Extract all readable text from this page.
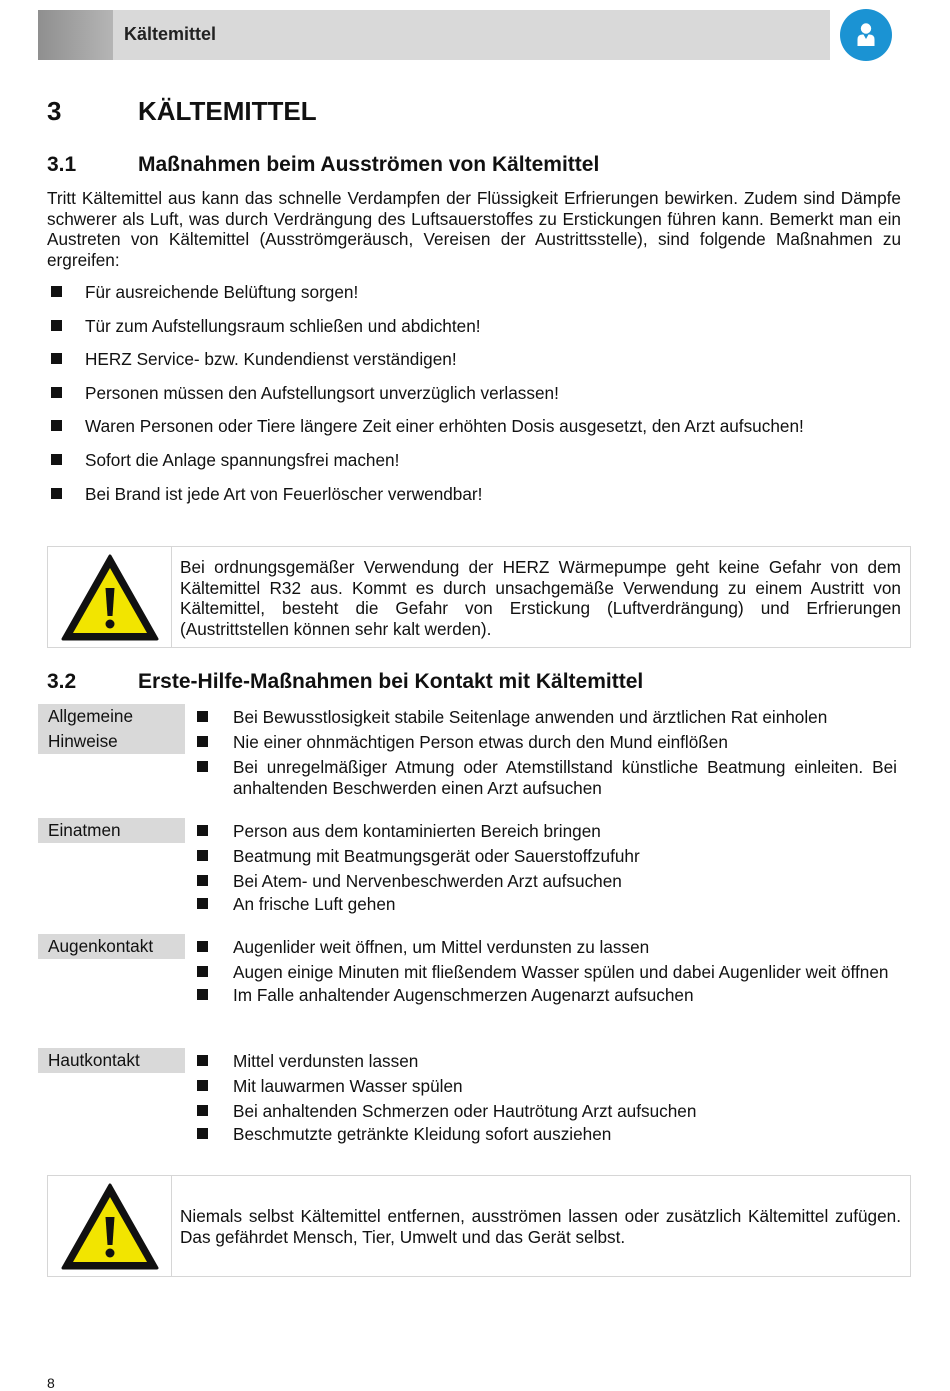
Kältemittel
3	KÄLTEMITTEL
3.1	Maßnahmen beim Ausströmen von Kältemittel
Tritt Kältemittel aus kann das schnelle Verdampfen der Flüssigkeit Erfrierungen bewirken. Zudem sind Dämpfe schwerer als Luft, was durch Verdrängung des Luftsauerstoffes zu Erstickungen führen kann. Bemerkt man ein Austreten von Kältemittel (Ausströmgeräusch, Vereisen der Austrittsstelle), sind folgende Maßnahmen zu ergreifen:
Für ausreichende Belüftung sorgen!
Tür zum Aufstellungsraum schließen und abdichten!
HERZ Service- bzw. Kundendienst verständigen!
Personen müssen den Aufstellungsort unverzüglich verlassen!
Waren Personen oder Tiere längere Zeit einer erhöhten Dosis ausgesetzt, den Arzt aufsuchen!
Sofort die Anlage spannungsfrei machen!
Bei Brand ist jede Art von Feuerlöscher verwendbar!
Bei ordnungsgemäßer Verwendung der HERZ Wärmepumpe geht keine Gefahr von dem Kältemittel R32 aus. Kommt es durch unsachgemäße Verwendung zu einem Austritt von Kältemittel, besteht die Gefahr von Erstickung (Luftverdrängung) und Erfrierungen (Austrittstellen können sehr kalt werden).
3.2	Erste-Hilfe-Maßnahmen bei Kontakt mit Kältemittel
Allgemeine
Hinweise
Bei Bewusstlosigkeit stabile Seitenlage anwenden und ärztlichen Rat einholen
Nie einer ohnmächtigen Person etwas durch den Mund einflößen
Bei unregelmäßiger Atmung oder Atemstillstand künstliche Beatmung einleiten. Bei anhaltenden Beschwerden einen Arzt aufsuchen
Einatmen	Person aus dem kontaminierten Bereich bringen
Beatmung mit Beatmungsgerät oder Sauerstoffzufuhr
Bei Atem- und Nervenbeschwerden Arzt aufsuchen
An frische Luft gehen
Augenkontakt	Augenlider weit öffnen, um Mittel verdunsten zu lassen
Augen einige Minuten mit fließendem Wasser spülen und dabei Augenlider weit öffnen
Im Falle anhaltender Augenschmerzen Augenarzt aufsuchen
Hautkontakt	Mittel verdunsten lassen
Mit lauwarmen Wasser spülen
Bei anhaltenden Schmerzen oder Hautrötung Arzt aufsuchen
Beschmutzte getränkte Kleidung sofort ausziehen
Niemals selbst Kältemittel entfernen, ausströmen lassen oder zusätzlich Kältemittel zufügen. Das gefährdet Mensch, Tier, Umwelt und das Gerät selbst.
8
